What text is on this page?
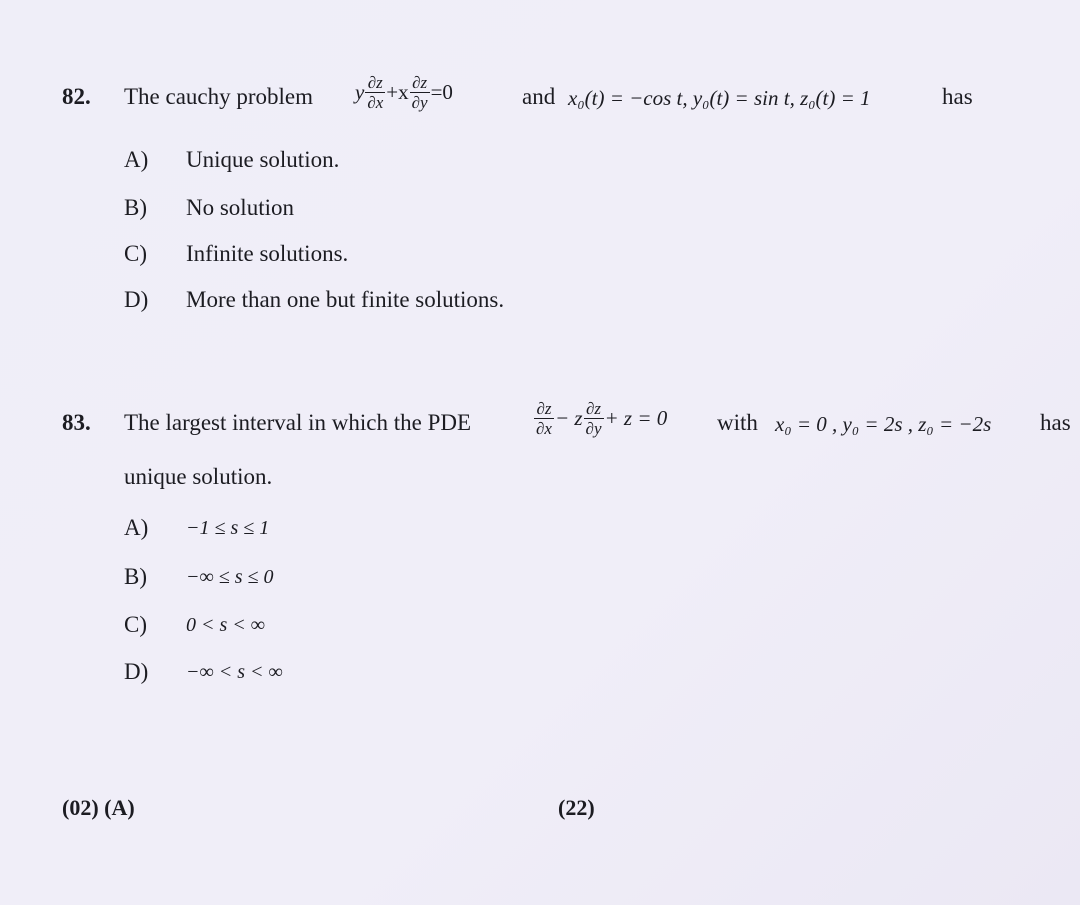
82. The cauchy problem y $\frac{\partial z}{\partial x} +x \frac{\partial z}{\partial y} =0$	and x₀(t) = −cos t, y₀(t) = sin t, z₀(t) = 1	has
A) Unique solution.
B) No solution
C) Infinite solutions.
D) More than one but finite solutions.
83. The largest interval in which the PDE	$\frac{\partial z}{\partial x} - z \frac{\partial z}{\partial y} + z = 0$ with x₀ = 0 , y₀ = 2s , z₀ = −2s has
unique solution.
A) −1 ≤ s ≤ 1
B) −∞ ≤ s ≤ 0
C) 0 < s < ∞
D) −∞ < s < ∞
(02) (A)	(22)
